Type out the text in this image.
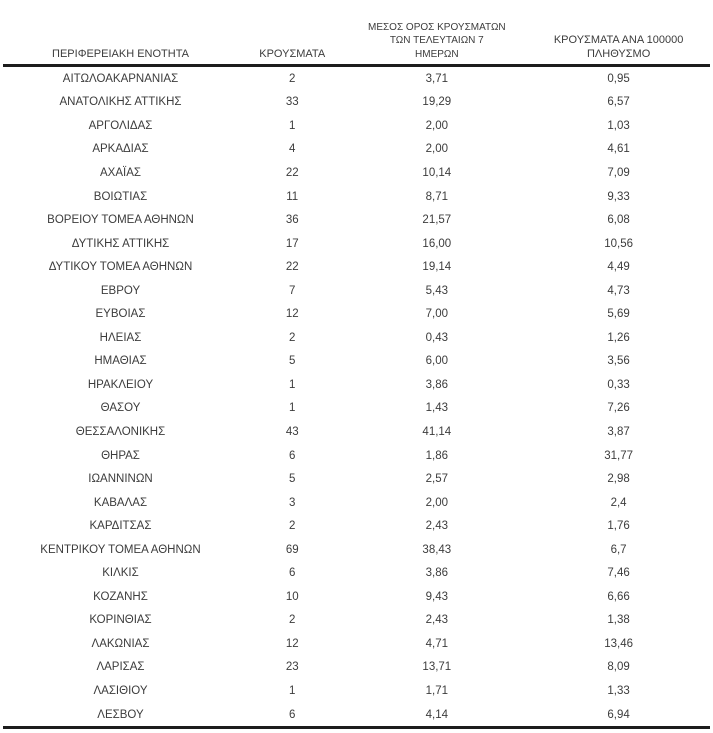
ΠΕΡΙΦΕΡΕΙΑΚΗ ΕΝΟΤΗΤΑ	ΚΡΟΥΣΜΑΤΑ	ΜΕΣΟΣ ΟΡΟΣ ΚΡΟΥΣΜΑΤΩΝ
ΤΩΝ ΤΕΛΕΥΤΑΙΩΝ 7
ΗΜΕΡΩΝ	ΚΡΟΥΣΜΑΤΑ ΑΝΑ 100000
ΠΛΗΘΥΣΜΟ

ΑΙΤΩΛΟΑΚΑΡΝΑΝΙΑΣ	2	3,71	0,95
ΑΝΑΤΟΛΙΚΗΣ ΑΤΤΙΚΗΣ	33	19,29	6,57
ΑΡΓΟΛΙΔΑΣ	1	2,00	1,03
ΑΡΚΑΔΙΑΣ	4	2,00	4,61
ΑΧΑΪΑΣ	22	10,14	7,09
ΒΟΙΩΤΙΑΣ	11	8,71	9,33
ΒΟΡΕΙΟΥ ΤΟΜΕΑ ΑΘΗΝΩΝ	36	21,57	6,08
ΔΥΤΙΚΗΣ ΑΤΤΙΚΗΣ	17	16,00	10,56
ΔΥΤΙΚΟΥ ΤΟΜΕΑ ΑΘΗΝΩΝ	22	19,14	4,49
ΕΒΡΟΥ	7	5,43	4,73
ΕΥΒΟΙΑΣ	12	7,00	5,69
ΗΛΕΙΑΣ	2	0,43	1,26
ΗΜΑΘΙΑΣ	5	6,00	3,56
ΗΡΑΚΛΕΙΟΥ	1	3,86	0,33
ΘΑΣΟΥ	1	1,43	7,26
ΘΕΣΣΑΛΟΝΙΚΗΣ	43	41,14	3,87
ΘΗΡΑΣ	6	1,86	31,77
ΙΩΑΝΝΙΝΩΝ	5	2,57	2,98
ΚΑΒΑΛΑΣ	3	2,00	2,4
ΚΑΡΔΙΤΣΑΣ	2	2,43	1,76
ΚΕΝΤΡΙΚΟΥ ΤΟΜΕΑ ΑΘΗΝΩΝ	69	38,43	6,7
ΚΙΛΚΙΣ	6	3,86	7,46
ΚΟΖΑΝΗΣ	10	9,43	6,66
ΚΟΡΙΝΘΙΑΣ	2	2,43	1,38
ΛΑΚΩΝΙΑΣ	12	4,71	13,46
ΛΑΡΙΣΑΣ	23	13,71	8,09
ΛΑΣΙΘΙΟΥ	1	1,71	1,33
ΛΕΣΒΟΥ	6	4,14	6,94
